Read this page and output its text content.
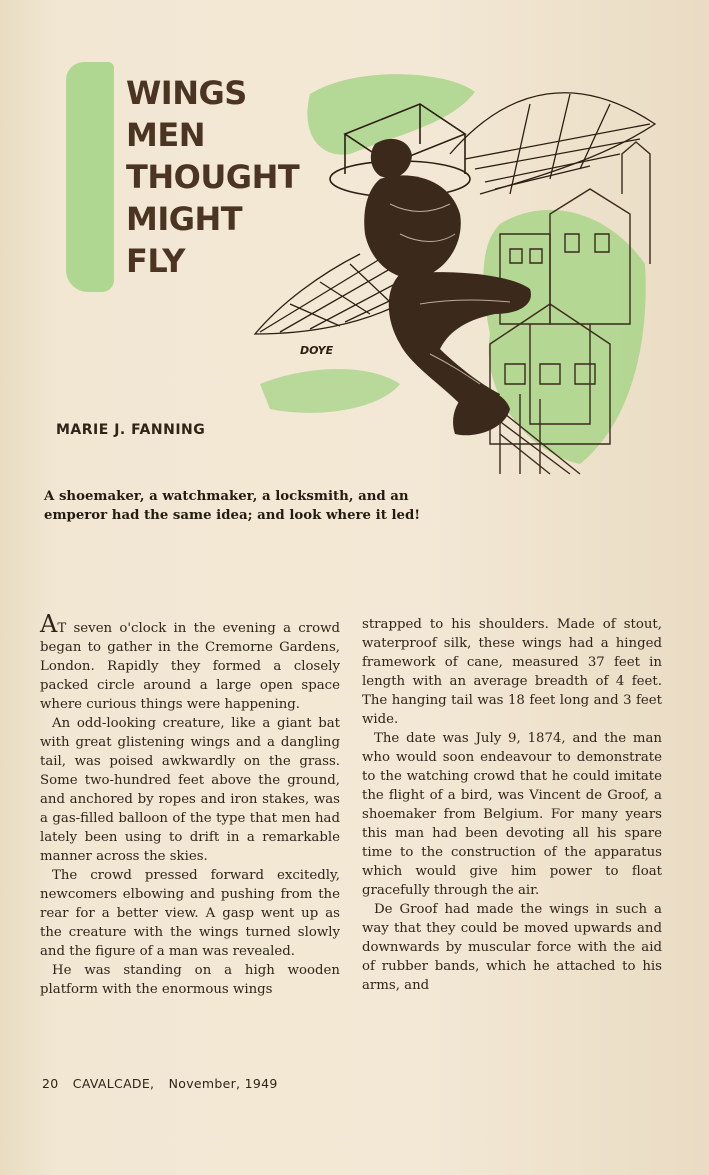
WINGS
MEN
THOUGHT
MIGHT
FLY
DOYE
MARIE J. FANNING
A shoemaker, a watchmaker, a locksmith, and an emperor had the same idea; and look where it led!

AT seven o'clock in the evening a crowd began to gather in the Cremorne Gardens, London. Rapidly they formed a closely packed circle around a large open space where curious things were happening.

An odd-looking creature, like a giant bat with great glistening wings and a dangling tail, was poised awkwardly on the grass. Some two-hundred feet above the ground, and anchored by ropes and iron stakes, was a gas-filled balloon of the type that men had lately been using to drift in a remarkable manner across the skies.

The crowd pressed forward excitedly, newcomers elbowing and pushing from the rear for a better view. A gasp went up as the creature with the wings turned slowly and the figure of a man was revealed.

He was standing on a high wooden platform with the enormous wings

strapped to his shoulders. Made of stout, waterproof silk, these wings had a hinged framework of cane, measured 37 feet in length with an average breadth of 4 feet. The hanging tail was 18 feet long and 3 feet wide.

The date was July 9, 1874, and the man who would soon endeavour to demonstrate to the watching crowd that he could imitate the flight of a bird, was Vincent de Groof, a shoemaker from Belgium. For many years this man had been devoting all his spare time to the construction of the apparatus which would give him power to float gracefully through the air.

De Groof had made the wings in such a way that they could be moved upwards and downwards by muscular force with the aid of rubber bands, which he attached to his arms, and

20 CAVALCADE, November, 1949
